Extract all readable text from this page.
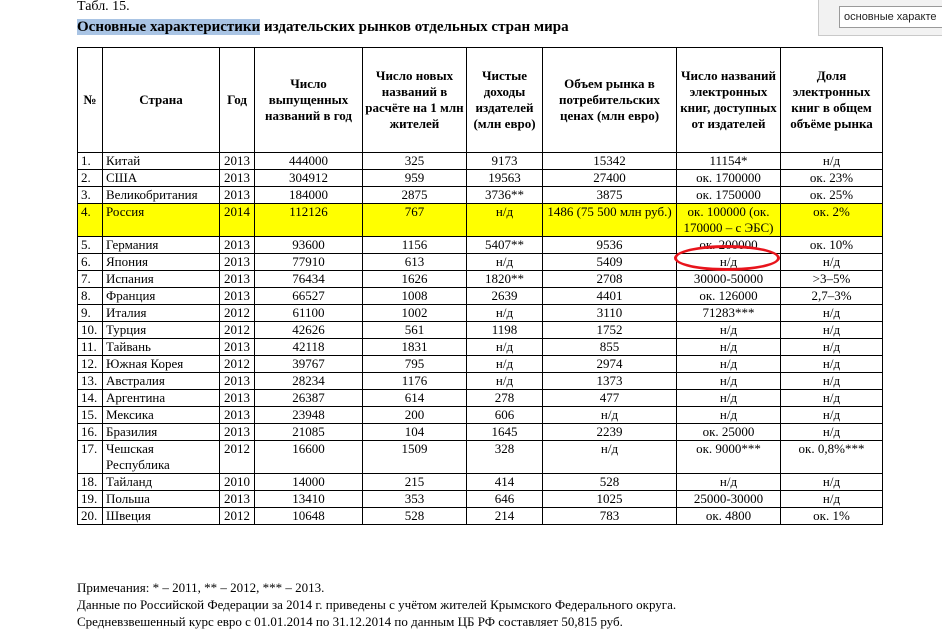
Табл. 15.
Основные характеристики издательских рынков отдельных стран мира
основные характе
№	Страна	Год	Число выпущенных названий в год	Число новых названий в расчёте на 1 млн жителей	Чистые доходы издателей (млн евро)	Объем рынка в потребительских ценах (млн евро)	Число названий электронных книг, доступных от издателей	Доля электронных книг в общем объёме рынка
1.	Китай	2013	444000	325	9173	15342	11154*	н/д
2.	США	2013	304912	959	19563	27400	ок. 1700000	ок. 23%
3.	Великобритания	2013	184000	2875	3736**	3875	ок. 1750000	ок. 25%
4.	Россия	2014	112126	767	н/д	1486 (75 500 млн руб.)	ок. 100000 (ок. 170000 – с ЭБС)	ок. 2%
5.	Германия	2013	93600	1156	5407**	9536	ок. 200000	ок. 10%
6.	Япония	2013	77910	613	н/д	5409	н/д	н/д
7.	Испания	2013	76434	1626	1820**	2708	30000-50000	>3–5%
8.	Франция	2013	66527	1008	2639	4401	ок. 126000	2,7–3%
9.	Италия	2012	61100	1002	н/д	3110	71283***	н/д
10.	Турция	2012	42626	561	1198	1752	н/д	н/д
11.	Тайвань	2013	42118	1831	н/д	855	н/д	н/д
12.	Южная Корея	2012	39767	795	н/д	2974	н/д	н/д
13.	Австралия	2013	28234	1176	н/д	1373	н/д	н/д
14.	Аргентина	2013	26387	614	278	477	н/д	н/д
15.	Мексика	2013	23948	200	606	н/д	н/д	н/д
16.	Бразилия	2013	21085	104	1645	2239	ок. 25000	н/д
17.	Чешская Республика	2012	16600	1509	328	н/д	ок. 9000***	ок. 0,8%***
18.	Тайланд	2010	14000	215	414	528	н/д	н/д
19.	Польша	2013	13410	353	646	1025	25000-30000	н/д
20.	Швеция	2012	10648	528	214	783	ок. 4800	ок. 1%
Примечания: * – 2011, ** – 2012, *** – 2013.
Данные по Российской Федерации за 2014 г. приведены с учётом жителей Крымского Федерального округа.
Средневзвешенный курс евро с 01.01.2014 по 31.12.2014 по данным ЦБ РФ составляет 50,815 руб.
